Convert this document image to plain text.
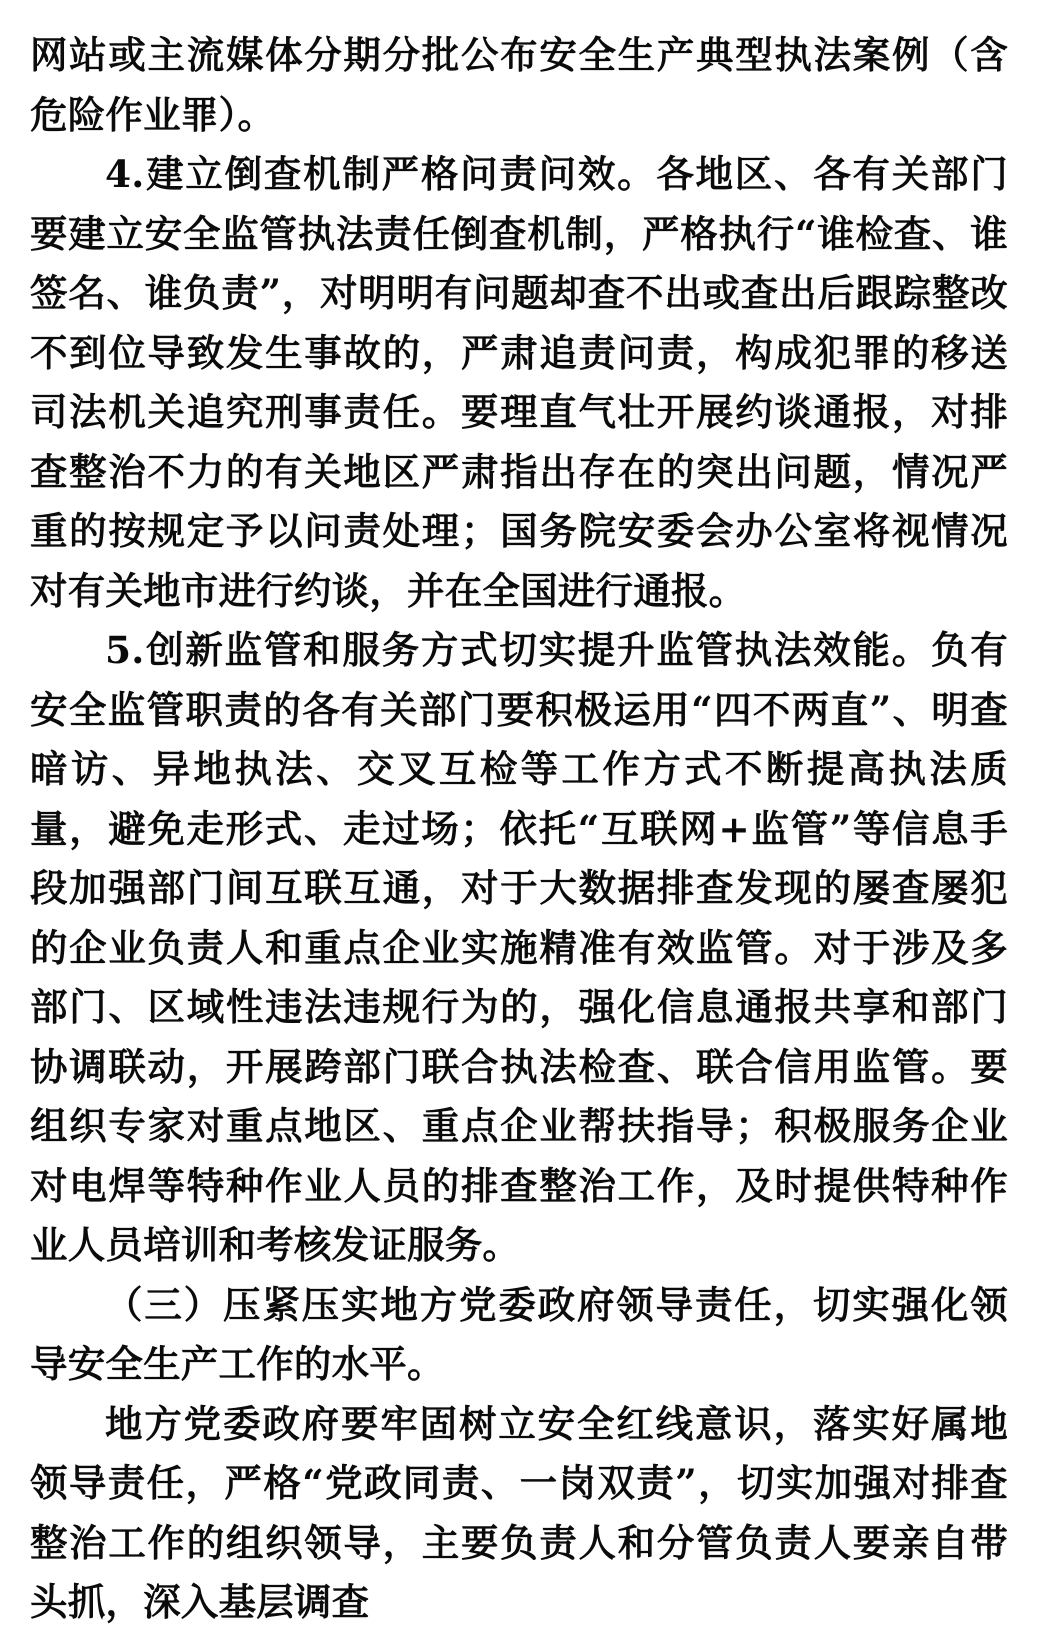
网站或主流媒体分期分批公布安全生产典型执法案例（含危险作业罪）。

4.建立倒查机制严格问责问效。各地区、各有关部门要建立安全监管执法责任倒查机制，严格执行“谁检查、谁签名、谁负责”，对明明有问题却查不出或查出后跟踪整改不到位导致发生事故的，严肃追责问责，构成犯罪的移送司法机关追究刑事责任。要理直气壮开展约谈通报，对排查整治不力的有关地区严肃指出存在的突出问题，情况严重的按规定予以问责处理；国务院安委会办公室将视情况对有关地市进行约谈，并在全国进行通报。

5.创新监管和服务方式切实提升监管执法效能。负有安全监管职责的各有关部门要积极运用“四不两直”、明查暗访、异地执法、交叉互检等工作方式不断提高执法质量，避免走形式、走过场；依托“互联网+监管”等信息手段加强部门间互联互通，对于大数据排查发现的屡查屡犯的企业负责人和重点企业实施精准有效监管。对于涉及多部门、区域性违法违规行为的，强化信息通报共享和部门协调联动，开展跨部门联合执法检查、联合信用监管。要组织专家对重点地区、重点企业帮扶指导；积极服务企业对电焊等特种作业人员的排查整治工作，及时提供特种作业人员培训和考核发证服务。

（三）压紧压实地方党委政府领导责任，切实强化领导安全生产工作的水平。

地方党委政府要牢固树立安全红线意识，落实好属地领导责任，严格“党政同责、一岗双责”，切实加强对排查整治工作的组织领导，主要负责人和分管负责人要亲自带头抓，深入基层调查
